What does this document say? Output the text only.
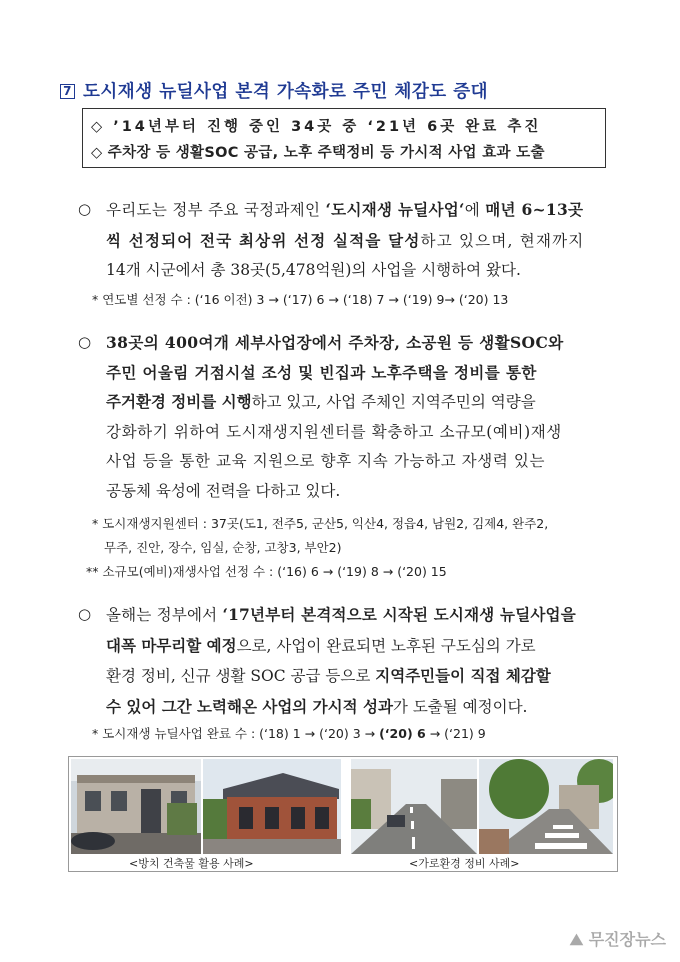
7 도시재생 뉴딜사업 본격 가속화로 주민 체감도 증대
◇ ’14년부터 진행 중인 34곳 중 ‘21년 6곳 완료 추진
◇ 주차장 등 생활SOC 공급, 노후 주택정비 등 가시적 사업 효과 도출
○ 우리도는 정부 주요 국정과제인 ‘도시재생 뉴딜사업‘에 매년 6~13곳
씩 선정되어 전국 최상위 선정 실적을 달성하고 있으며, 현재까지
14개 시군에서 총 38곳(5,478억원)의 사업을 시행하여 왔다.
* 연도별 선정 수 : (‘16 이전) 3 → (‘17) 6 → (‘18) 7 → (‘19) 9→ (‘20) 13
○ 38곳의 400여개 세부사업장에서 주차장, 소공원 등 생활SOC와
주민 어울림 거점시설 조성 및 빈집과 노후주택을 정비를 통한
주거환경 정비를 시행하고 있고, 사업 주체인 지역주민의 역량을
강화하기 위하여 도시재생지원센터를 확충하고 소규모(예비)재생
사업 등을 통한 교육 지원으로 향후 지속 가능하고 자생력 있는
공동체 육성에 전력을 다하고 있다.
* 도시재생지원센터 : 37곳(도1, 전주5, 군산5, 익산4, 정읍4, 남원2, 김제4, 완주2,
무주, 진안, 장수, 임실, 순창, 고창3, 부안2)
** 소규모(예비)재생사업 선정 수 : (‘16) 6 → (‘19) 8 → (‘20) 15
○ 올해는 정부에서 ‘17년부터 본격적으로 시작된 도시재생 뉴딜사업을
대폭 마무리할 예정으로, 사업이 완료되면 노후된 구도심의 가로
환경 정비, 신규 생활 SOC 공급 등으로 지역주민들이 직접 체감할
수 있어 그간 노력해온 사업의 가시적 성과가 도출될 예정이다.
* 도시재생 뉴딜사업 완료 수 : (‘18) 1 → (‘20) 3 → (‘20) 6 → (‘21) 9
<방치 건축물 활용 사례>	<가로환경 정비 사례>
⛰ 무진장뉴스
